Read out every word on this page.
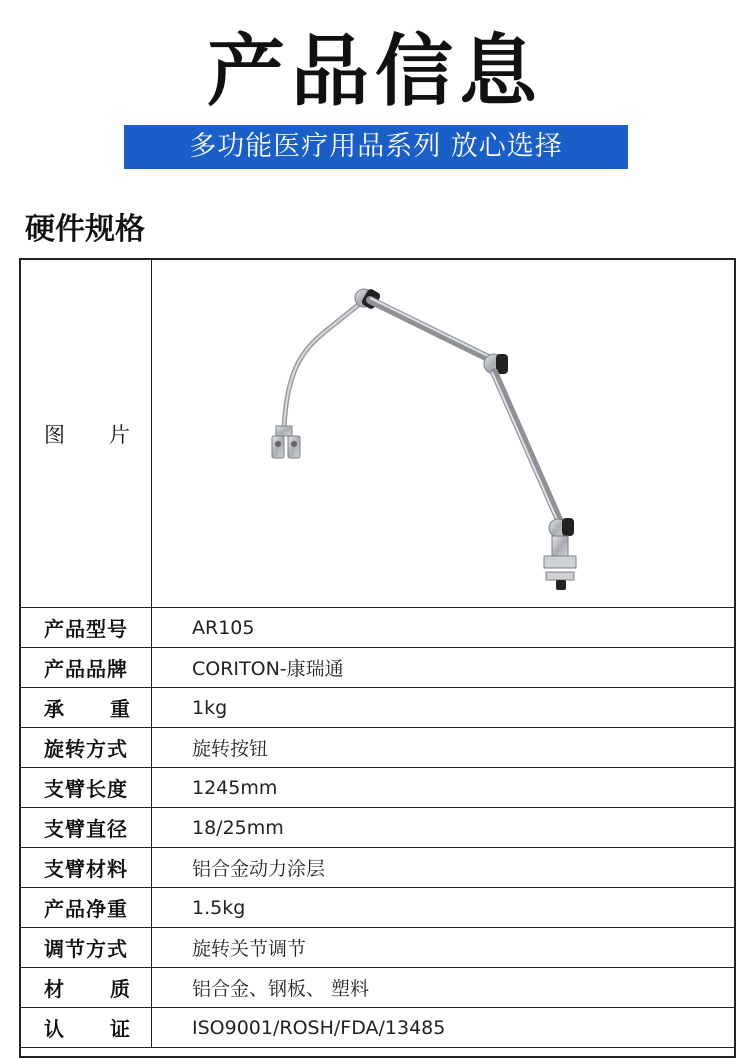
产品信息
多功能医疗用品系列 放心选择
硬件规格
图 片
产品型号	AR105
产品品牌	CORITON-康瑞通
承 重	1kg
旋转方式	旋转按钮
支臂长度	1245mm
支臂直径	18/25mm
支臂材料	铝合金动力涂层
产品净重	1.5kg
调节方式	旋转关节调节
材 质	铝合金、钢板、 塑料
认 证	ISO9001/ROSH/FDA/13485
